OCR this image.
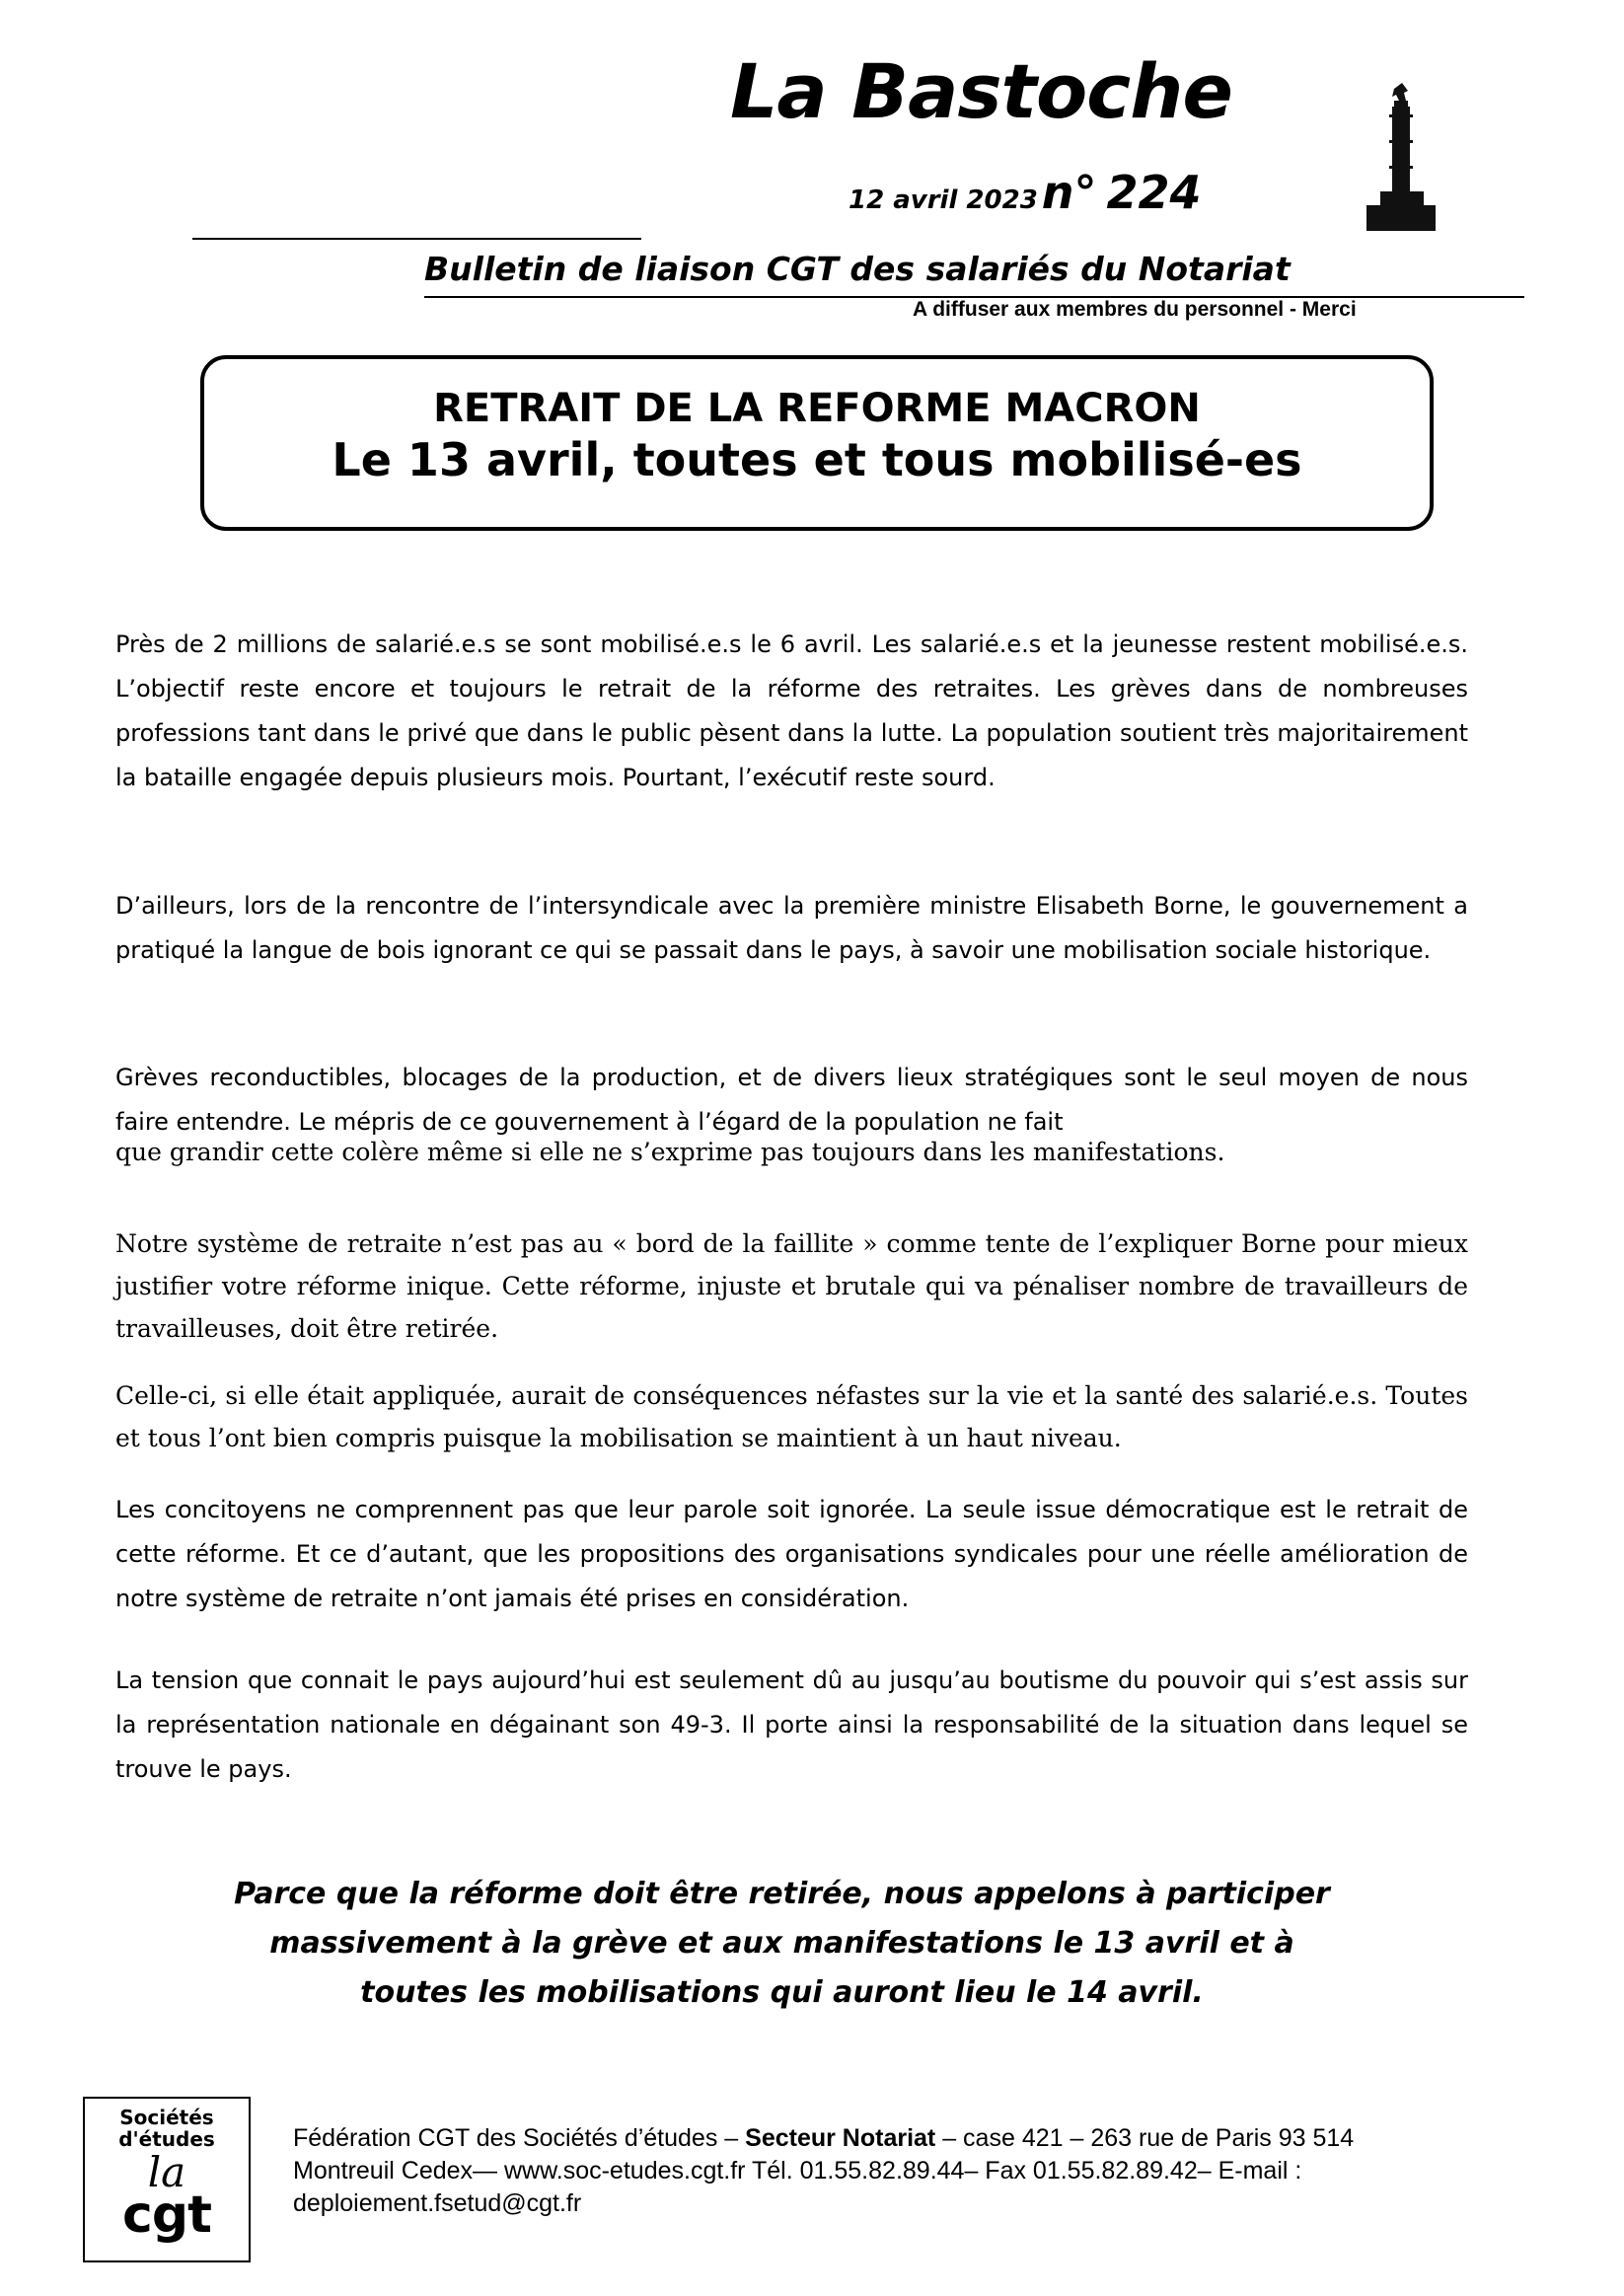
La Bastoche
12 avril 2023n° 224
Bulletin de liaison CGT des salariés du Notariat
A diffuser aux membres du personnel - Merci
RETRAIT DE LA REFORME MACRON
Le 13 avril, toutes et tous mobilisé-es

Près de 2 millions de salarié.e.s se sont mobilisé.e.s le 6 avril. Les salarié.e.s et la jeunesse restent mobilisé.e.s. L’objectif reste encore et toujours le retrait de la réforme des retraites. Les grèves dans de nombreuses professions tant dans le privé que dans le public pèsent dans la lutte. La population soutient très majoritairement la bataille engagée depuis plusieurs mois. Pourtant, l’exécutif reste sourd.

D’ailleurs, lors de la rencontre de l’intersyndicale avec la première ministre Elisabeth Borne, le gouvernement a pratiqué la langue de bois ignorant ce qui se passait dans le pays, à savoir une mobilisation sociale historique.

Grèves reconductibles, blocages de la production, et de divers lieux stratégiques sont le seul moyen de nous faire entendre. Le mépris de ce gouvernement à l’égard de la population ne fait

que grandir cette colère même si elle ne s’exprime pas toujours dans les manifestations.

Notre système de retraite n’est pas au « bord de la faillite » comme tente de l’expliquer Borne pour mieux justifier votre réforme inique. Cette réforme, injuste et brutale qui va pénaliser nombre de travailleurs de travailleuses, doit être retirée.

Celle-ci, si elle était appliquée, aurait de conséquences néfastes sur la vie et la santé des salarié.e.s. Toutes et tous l’ont bien compris puisque la mobilisation se maintient à un haut niveau.

Les concitoyens ne comprennent pas que leur parole soit ignorée. La seule issue démocratique est le retrait de cette réforme. Et ce d’autant, que les propositions des organisations syndicales pour une réelle amélioration de notre système de retraite n’ont jamais été prises en considération.

La tension que connait le pays aujourd’hui est seulement dû au jusqu’au boutisme du pouvoir qui s’est assis sur la représentation nationale en dégainant son 49-3. Il porte ainsi la responsabilité de la situation dans lequel se trouve le pays.

Parce que la réforme doit être retirée, nous appelons à participer
massivement à la grève et aux manifestations le 13 avril et à
toutes les mobilisations qui auront lieu le 14 avril.
Sociétés
d'études
la
cgt
Fédération CGT des Sociétés d’études – Secteur Notariat – case 421 – 263 rue de Paris 93 514 Montreuil Cedex— www.soc-etudes.cgt.fr Tél. 01.55.82.89.44– Fax 01.55.82.89.42– E-mail : deploiement.fsetud@cgt.fr
